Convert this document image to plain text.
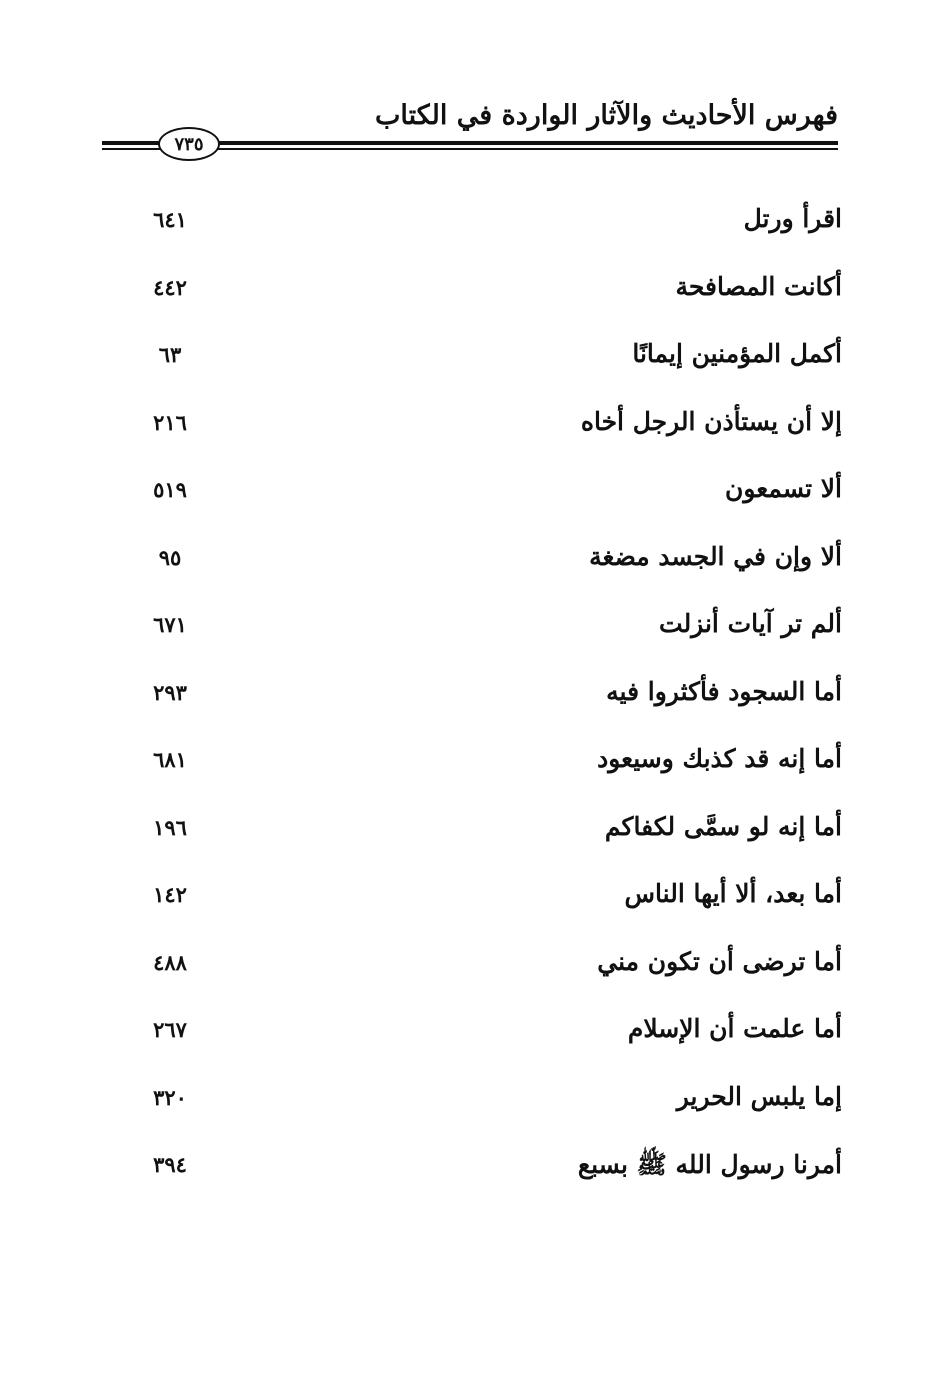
فهرس الأحاديث والآثار الواردة في الكتاب
٧٣٥
اقرأ ورتل
٦٤١
أكانت المصافحة
٤٤٢
أكمل المؤمنين إيمانًا
٦٣
إلا أن يستأذن الرجل أخاه
٢١٦
ألا تسمعون
٥١٩
ألا وإن في الجسد مضغة
٩٥
ألم تر آيات أنزلت
٦٧١
أما السجود فأكثروا فيه
٢٩٣
أما إنه قد كذبك وسيعود
٦٨١
أما إنه لو سمَّى لكفاكم
١٩٦
أما بعد، ألا أيها الناس
١٤٢
أما ترضى أن تكون مني
٤٨٨
أما علمت أن الإسلام
٢٦٧
إما يلبس الحرير
٣٢٠
أمرنا رسول الله ﷺ بسبع
٣٩٤
